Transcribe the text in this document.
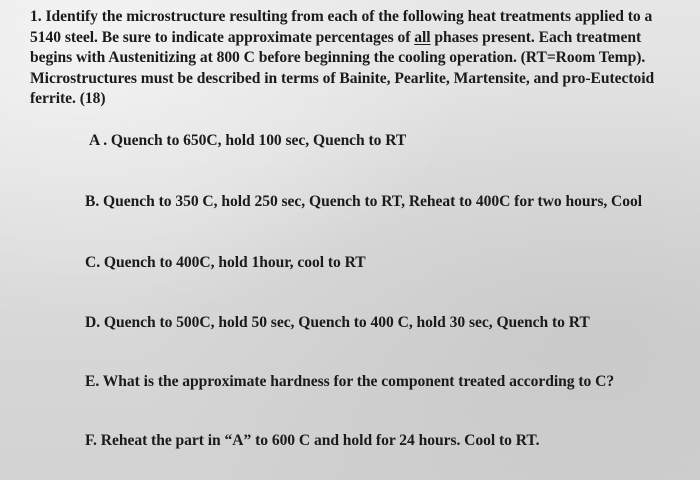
1. Identify the microstructure resulting from each of the following heat treatments applied to a
5140 steel. Be sure to indicate approximate percentages of all phases present. Each treatment
begins with Austenitizing at 800 C before beginning the cooling operation. (RT=Room Temp).
Microstructures must be described in terms of Bainite, Pearlite, Martensite, and pro-Eutectoid
ferrite. (18)
A . Quench to 650C, hold 100 sec, Quench to RT
B. Quench to 350 C, hold 250 sec, Quench to RT, Reheat to 400C for two hours, Cool
C. Quench to 400C, hold 1hour, cool to RT
D. Quench to 500C, hold 50 sec, Quench to 400 C, hold 30 sec, Quench to RT
E. What is the approximate hardness for the component treated according to C?
F. Reheat the part in “A” to 600 C and hold for 24 hours. Cool to RT.
